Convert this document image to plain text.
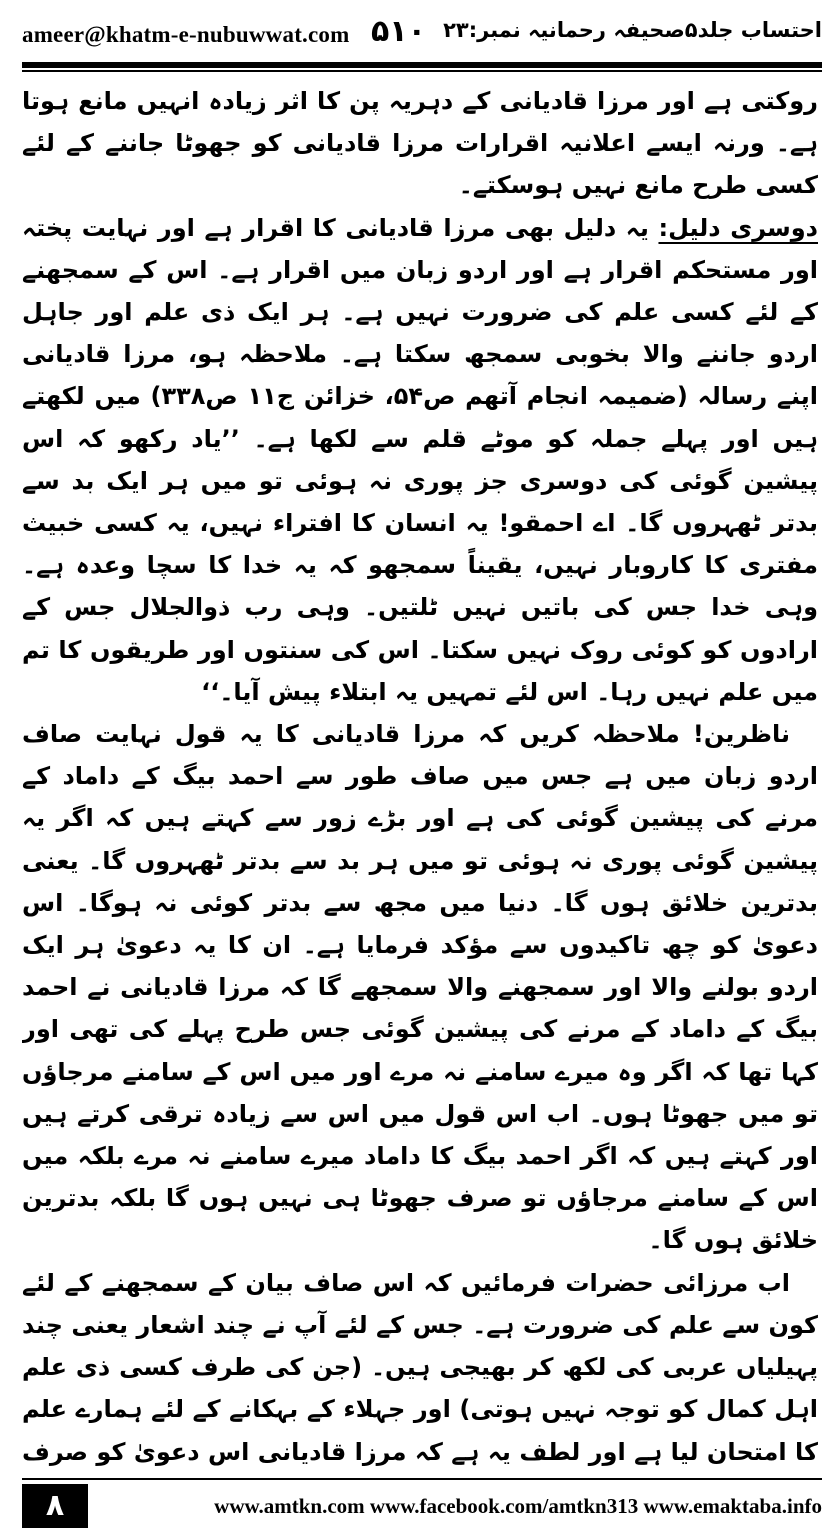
ameer@khatm-e-nubuwwat.com ۵۱۰ احتساب جلد۵صحیفہ رحمانیہ نمبر:۲۳

روکتی ہے اور مرزا قادیانی کے دہریہ پن کا اثر زیادہ انہیں مانع ہوتا ہے۔ ورنہ ایسے اعلانیہ اقرارات مرزا قادیانی کو جھوٹا جاننے کے لئے کسی طرح مانع نہیں ہوسکتے۔

دوسری دلیل: یہ دلیل بھی مرزا قادیانی کا اقرار ہے اور نہایت پختہ اور مستحکم اقرار ہے اور اردو زبان میں اقرار ہے۔ اس کے سمجھنے کے لئے کسی علم کی ضرورت نہیں ہے۔ ہر ایک ذی علم اور جاہل اردو جاننے والا بخوبی سمجھ سکتا ہے۔ ملاحظہ ہو، مرزا قادیانی اپنے رسالہ (ضمیمہ انجام آتھم ص۵۴، خزائن ج۱۱ ص۳۳۸) میں لکھتے ہیں اور پہلے جملہ کو موٹے قلم سے لکھا ہے۔ ’’یاد رکھو کہ اس پیشین گوئی کی دوسری جز پوری نہ ہوئی تو میں ہر ایک بد سے بدتر ٹھہروں گا۔ اے احمقو! یہ انسان کا افتراء نہیں، یہ کسی خبیث مفتری کا کاروبار نہیں، یقیناً سمجھو کہ یہ خدا کا سچا وعدہ ہے۔ وہی خدا جس کی باتیں نہیں ٹلتیں۔ وہی رب ذوالجلال جس کے ارادوں کو کوئی روک نہیں سکتا۔ اس کی سنتوں اور طریقوں کا تم میں علم نہیں رہا۔ اس لئے تمہیں یہ ابتلاء پیش آیا۔‘‘

ناظرین! ملاحظہ کریں کہ مرزا قادیانی کا یہ قول نہایت صاف اردو زبان میں ہے جس میں صاف طور سے احمد بیگ کے داماد کے مرنے کی پیشین گوئی کی ہے اور بڑے زور سے کہتے ہیں کہ اگر یہ پیشین گوئی پوری نہ ہوئی تو میں ہر بد سے بدتر ٹھہروں گا۔ یعنی بدترین خلائق ہوں گا۔ دنیا میں مجھ سے بدتر کوئی نہ ہوگا۔ اس دعویٰ کو چھ تاکیدوں سے مؤکد فرمایا ہے۔ ان کا یہ دعویٰ ہر ایک اردو بولنے والا اور سمجھنے والا سمجھے گا کہ مرزا قادیانی نے احمد بیگ کے داماد کے مرنے کی پیشین گوئی جس طرح پہلے کی تھی اور کہا تھا کہ اگر وہ میرے سامنے نہ مرے اور میں اس کے سامنے مرجاؤں تو میں جھوٹا ہوں۔ اب اس قول میں اس سے زیادہ ترقی کرتے ہیں اور کہتے ہیں کہ اگر احمد بیگ کا داماد میرے سامنے نہ مرے بلکہ میں اس کے سامنے مرجاؤں تو صرف جھوٹا ہی نہیں ہوں گا بلکہ بدترین خلائق ہوں گا۔

اب مرزائی حضرات فرمائیں کہ اس صاف بیان کے سمجھنے کے لئے کون سے علم کی ضرورت ہے۔ جس کے لئے آپ نے چند اشعار یعنی چند پہیلیاں عربی کی لکھ کر بھیجی ہیں۔ (جن کی طرف کسی ذی علم اہل کمال کو توجہ نہیں ہوتی) اور جہلاء کے بہکانے کے لئے ہمارے علم کا امتحان لیا ہے اور لطف یہ ہے کہ مرزا قادیانی اس دعویٰ کو صرف

۸	www.amtkn.com www.facebook.com/amtkn313 www.emaktaba.info
